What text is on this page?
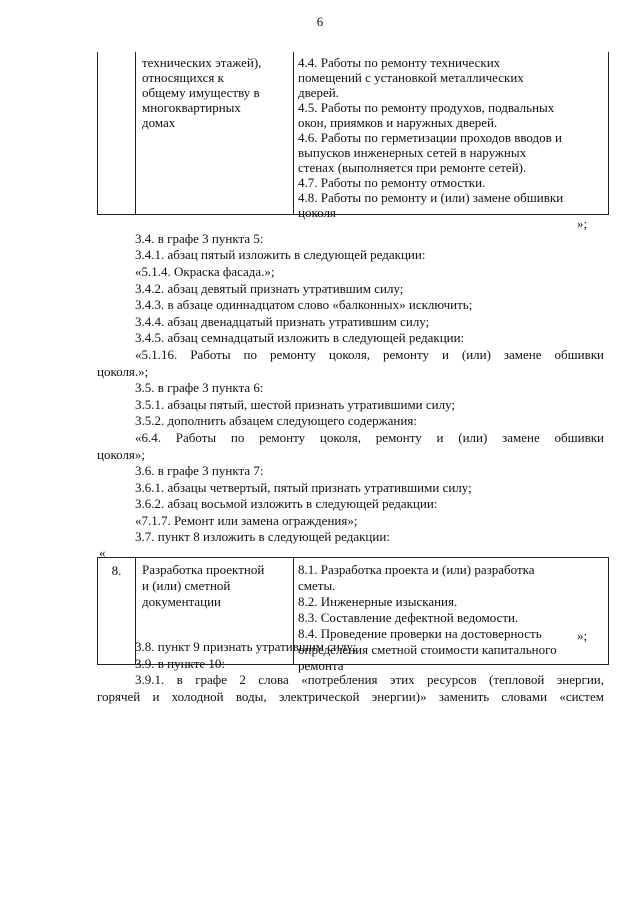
6
технических этажей),
относящихся к
общему имуществу в
многоквартирных
домах
4.4. Работы по ремонту технических
помещений с установкой металлических
дверей.
4.5. Работы по ремонту продухов, подвальных
окон, приямков и наружных дверей.
4.6. Работы по герметизации проходов вводов и
выпусков инженерных сетей в наружных
стенах (выполняется при ремонте сетей).
4.7. Работы по ремонту отмостки.
4.8. Работы по ремонту и (или) замене обшивки
цоколя
»;
3.4. в графе 3 пункта 5:
3.4.1. абзац пятый изложить в следующей редакции:
«5.1.4. Окраска фасада.»;
3.4.2. абзац девятый признать утратившим силу;
3.4.3. в абзаце одиннадцатом слово «балконных» исключить;
3.4.4. абзац двенадцатый признать утратившим силу;
3.4.5. абзац семнадцатый изложить в следующей редакции:
«5.1.16. Работы по ремонту цоколя, ремонту и (или) замене обшивки
цоколя.»;
3.5. в графе 3 пункта 6:
3.5.1. абзацы пятый, шестой признать утратившими силу;
3.5.2. дополнить абзацем следующего содержания:
«6.4. Работы по ремонту цоколя, ремонту и (или) замене обшивки
цоколя»;
3.6. в графе 3 пункта 7:
3.6.1. абзацы четвертый, пятый признать утратившими силу;
3.6.2. абзац восьмой изложить в следующей редакции:
«7.1.7. Ремонт или замена ограждения»;
3.7. пункт 8 изложить в следующей редакции:
«
8.	Разработка проектной
и (или) сметной
документации
8.1. Разработка проекта и (или) разработка
сметы.
8.2. Инженерные изыскания.
8.3. Составление дефектной ведомости.
8.4. Проведение проверки на достоверность
определения сметной стоимости капитального
ремонта
»;
3.8. пункт 9 признать утратившим силу;
3.9. в пункте 10:
3.9.1. в графе 2 слова «потребления этих ресурсов (тепловой энергии,
горячей и холодной воды, электрической энергии)» заменить словами «систем
